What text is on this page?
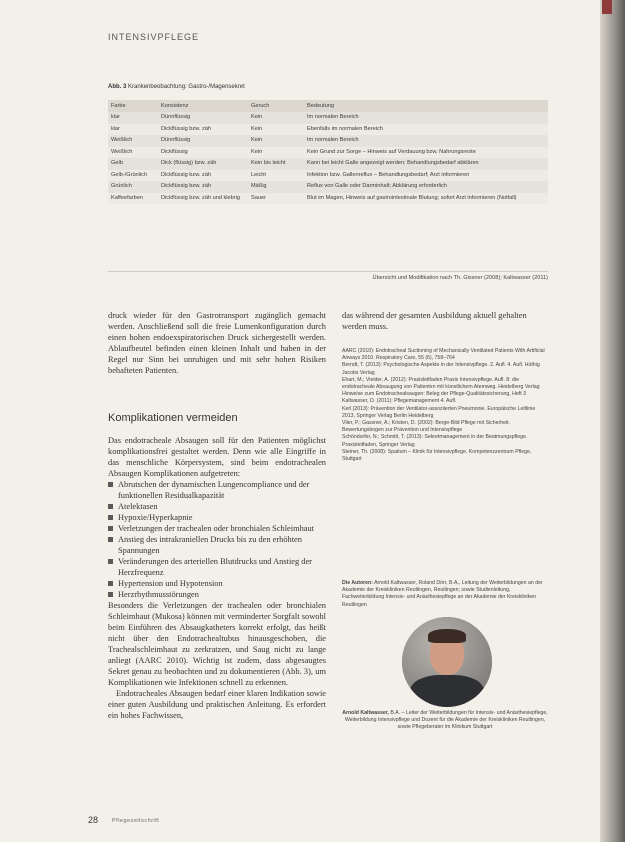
INTENSIVPFLEGE
Abb. 3 Krankenbeobachtung: Gastro-/Magensekret
Farbe	Konsistenz	Geruch	Bedeutung
klar	Dünnflüssig	Kein	Im normalen Bereich
klar	Dickflüssig bzw. zäh	Kein	Ebenfalls im normalen Bereich
Weißlich	Dünnflüssig	Kein	Im normalen Bereich
Weißlich	Dickflüssig	Kein	Kein Grund zur Sorge – Hinweis auf Verdauung bzw. Nahrungsreste
Gelb	Dick (flüssig) bzw. zäh	Kein bis leicht	Kann bei leicht Galle angezeigt werden; Behandlungsbedarf abklären
Gelb-/Grünlich	Dickflüssig bzw. zäh	Leicht	Infektion bzw. Gallenreflux – Behandlungsbedarf; Arzt informieren
Grünlich	Dickflüssig bzw. zäh	Mäßig	Reflux von Galle oder Darminhalt; Abklärung erforderlich
Kaffeefarben	Dickflüssig bzw. zäh und klebrig	Sauer	Blut im Magen, Hinweis auf gastrointestinale Blutung; sofort Arzt informieren (Notfall)
Übersicht und Modifikation nach Th. Gissner (2008); Kaltwasser (2011)

druck wieder für den Gastrotransport zugänglich gemacht werden. Anschließend soll die freie Lumenkonfiguration durch einen hohen endoexspiratorischen Druck sichergestellt werden. Ablaufbeutel befinden einen kleinen Inhalt und haben in der Regel nur Sinn bei unruhigen und mit sehr hohen Risiken behafteten Patienten.

Komplikationen vermeiden

Das endotracheale Absaugen soll für den Patienten möglichst komplikationsfrei gestaltet werden. Denn wie alle Eingriffe in das menschliche Körpersystem, sind beim endotrachealen Absaugen Komplikationen aufgetreten:

Abrutschen der dynamischen Lungencompliance und der funktionellen Residualkapazität
Atelektasen
Hypoxie/Hyperkapnie
Verletzungen der trachealen oder bronchialen Schleimhaut
Anstieg des intrakraniellen Drucks bis zu den erhöhten Spannungen
Veränderungen des arteriellen Blutdrucks und Anstieg der Herzfrequenz
Hypertension und Hypotension
Herzrhythmusstörungen

Besonders die Verletzungen der trachealen oder bronchialen Schleimhaut (Mukosa) können mit verminderter Sorgfalt sowohl beim Einführen des Absaugkatheters korrekt erfolgt, das heißt nicht über den Endotrachealtubus hinausgeschoben, die Trachealschleimhaut zu zerkratzen, und Saug nicht zu lange anliegt (AARC 2010). Wichtig ist zudem, dass abgesaugtes Sekret genau zu beobachten und zu dokumentieren (Abb. 3), um Komplikationen wie Infektionen schnell zu erkennen.

Endotracheales Absaugen bedarf einer klaren Indikation sowie einer guten Ausbildung und praktischen Anleitung. Es erfordert ein hohes Fachwissen,

das während der gesamten Ausbildung aktuell gehalten werden muss.

AARC (2010): Endotracheal Suctioning of Mechanically Ventilated Patients With Artificial Airways 2010. Respiratory Care, 55 (6), 758–764

Berndt, T. (2013): Psychologische Aspekte in der Intensivpflege. 2. Aufl. 4. Aufl. Hüthig Jacobs Verlag

Ehart, M.; Vieider, A. (2012): Praxisleitfaden Praxis Intensivpflege. Aufl. 8: die endotracheale Absaugung von Patienten mit künstlichem Atemweg. Heidelberg Verlag

Hinweise zum Endotrachealsaugen: Beleg der Pflege-Qualitätssicherung, Heft 3

Kaltwasser, D. (2011): Pflegemanagement 4. Aufl.

Kerl (2013): Prävention der Ventilator-assoziierten Pneumonie. Europäische Leitlinie 2013, Springer Verlag Berlin Heidelberg

Vlier, P.; Gassner, A.; Kristen, D. (2002): Berge-Bild Pflege mit Sicherheit. Bewertungsbogen zur Prävention und Intensivpflege

Schöndorfer, N.; Schmitt, T. (2013): Sekretmanagement in der Beatmungspflege. Praxisleitfaden, Springer Verlag

Steiner, Th. (2008): Spatium – Klinik für Intensivpflege. Kompetenzzentrum Pflege, Stuttgart

Die Autoren: Arnold Kaltwasser, Roland Dörr, B.A., Leitung der Weiterbildungen an der Akademie der Kreiskliniken Reutlingen, Reutlingen; sowie Studienleitung, Fachweiterbildung Intensiv- und Anästhesiepflege an der Akademie der Kreiskliniken Reutlingen
Arnold Kaltwasser, B.A. – Leiter der Weiterbildungen für Intensiv- und Anästhesiepflege, Weiterbildung Intensivpflege und Dozent für die Akademie der Kreiskliniken Reutlingen, sowie Pflegeberater im Klinikum Stuttgart
28	Pflegezeitschrift
